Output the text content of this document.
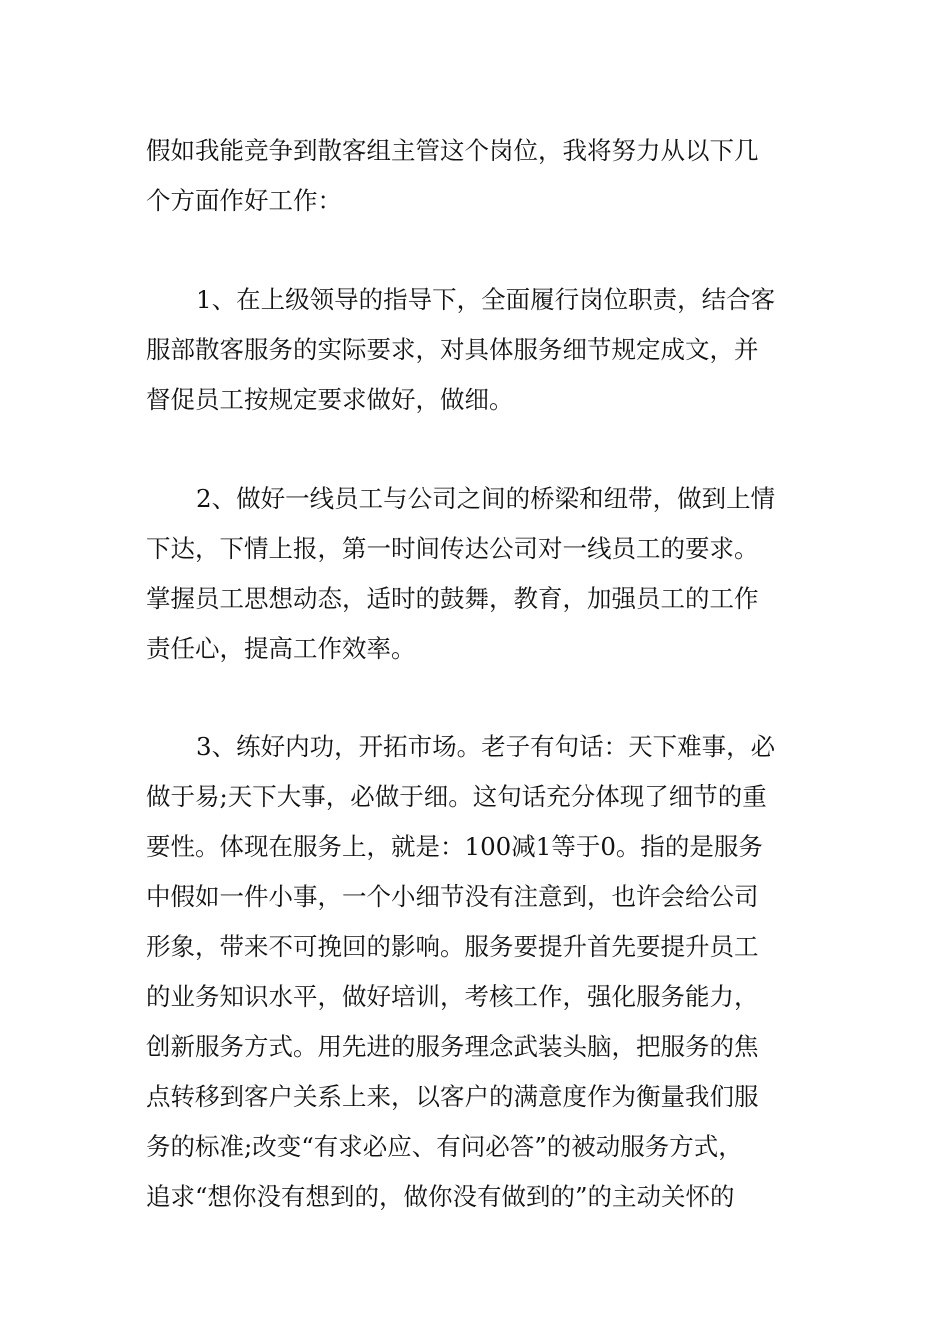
假如我能竞争到散客组主管这个岗位，我将努力从以下几
个方面作好工作：
1、在上级领导的指导下，全面履行岗位职责，结合客
服部散客服务的实际要求，对具体服务细节规定成文，并
督促员工按规定要求做好，做细。
2、做好一线员工与公司之间的桥梁和纽带，做到上情
下达，下情上报，第一时间传达公司对一线员工的要求。
掌握员工思想动态，适时的鼓舞，教育，加强员工的工作
责任心，提高工作效率。
3、练好内功，开拓市场。老子有句话：天下难事，必
做于易;天下大事，必做于细。这句话充分体现了细节的重
要性。体现在服务上，就是：100减1等于0。指的是服务
中假如一件小事，一个小细节没有注意到，也许会给公司
形象，带来不可挽回的影响。服务要提升首先要提升员工
的业务知识水平，做好培训，考核工作，强化服务能力，
创新服务方式。用先进的服务理念武装头脑，把服务的焦
点转移到客户关系上来，以客户的满意度作为衡量我们服
务的标准;改变“有求必应、有问必答”的被动服务方式，
追求“想你没有想到的，做你没有做到的”的主动关怀的
